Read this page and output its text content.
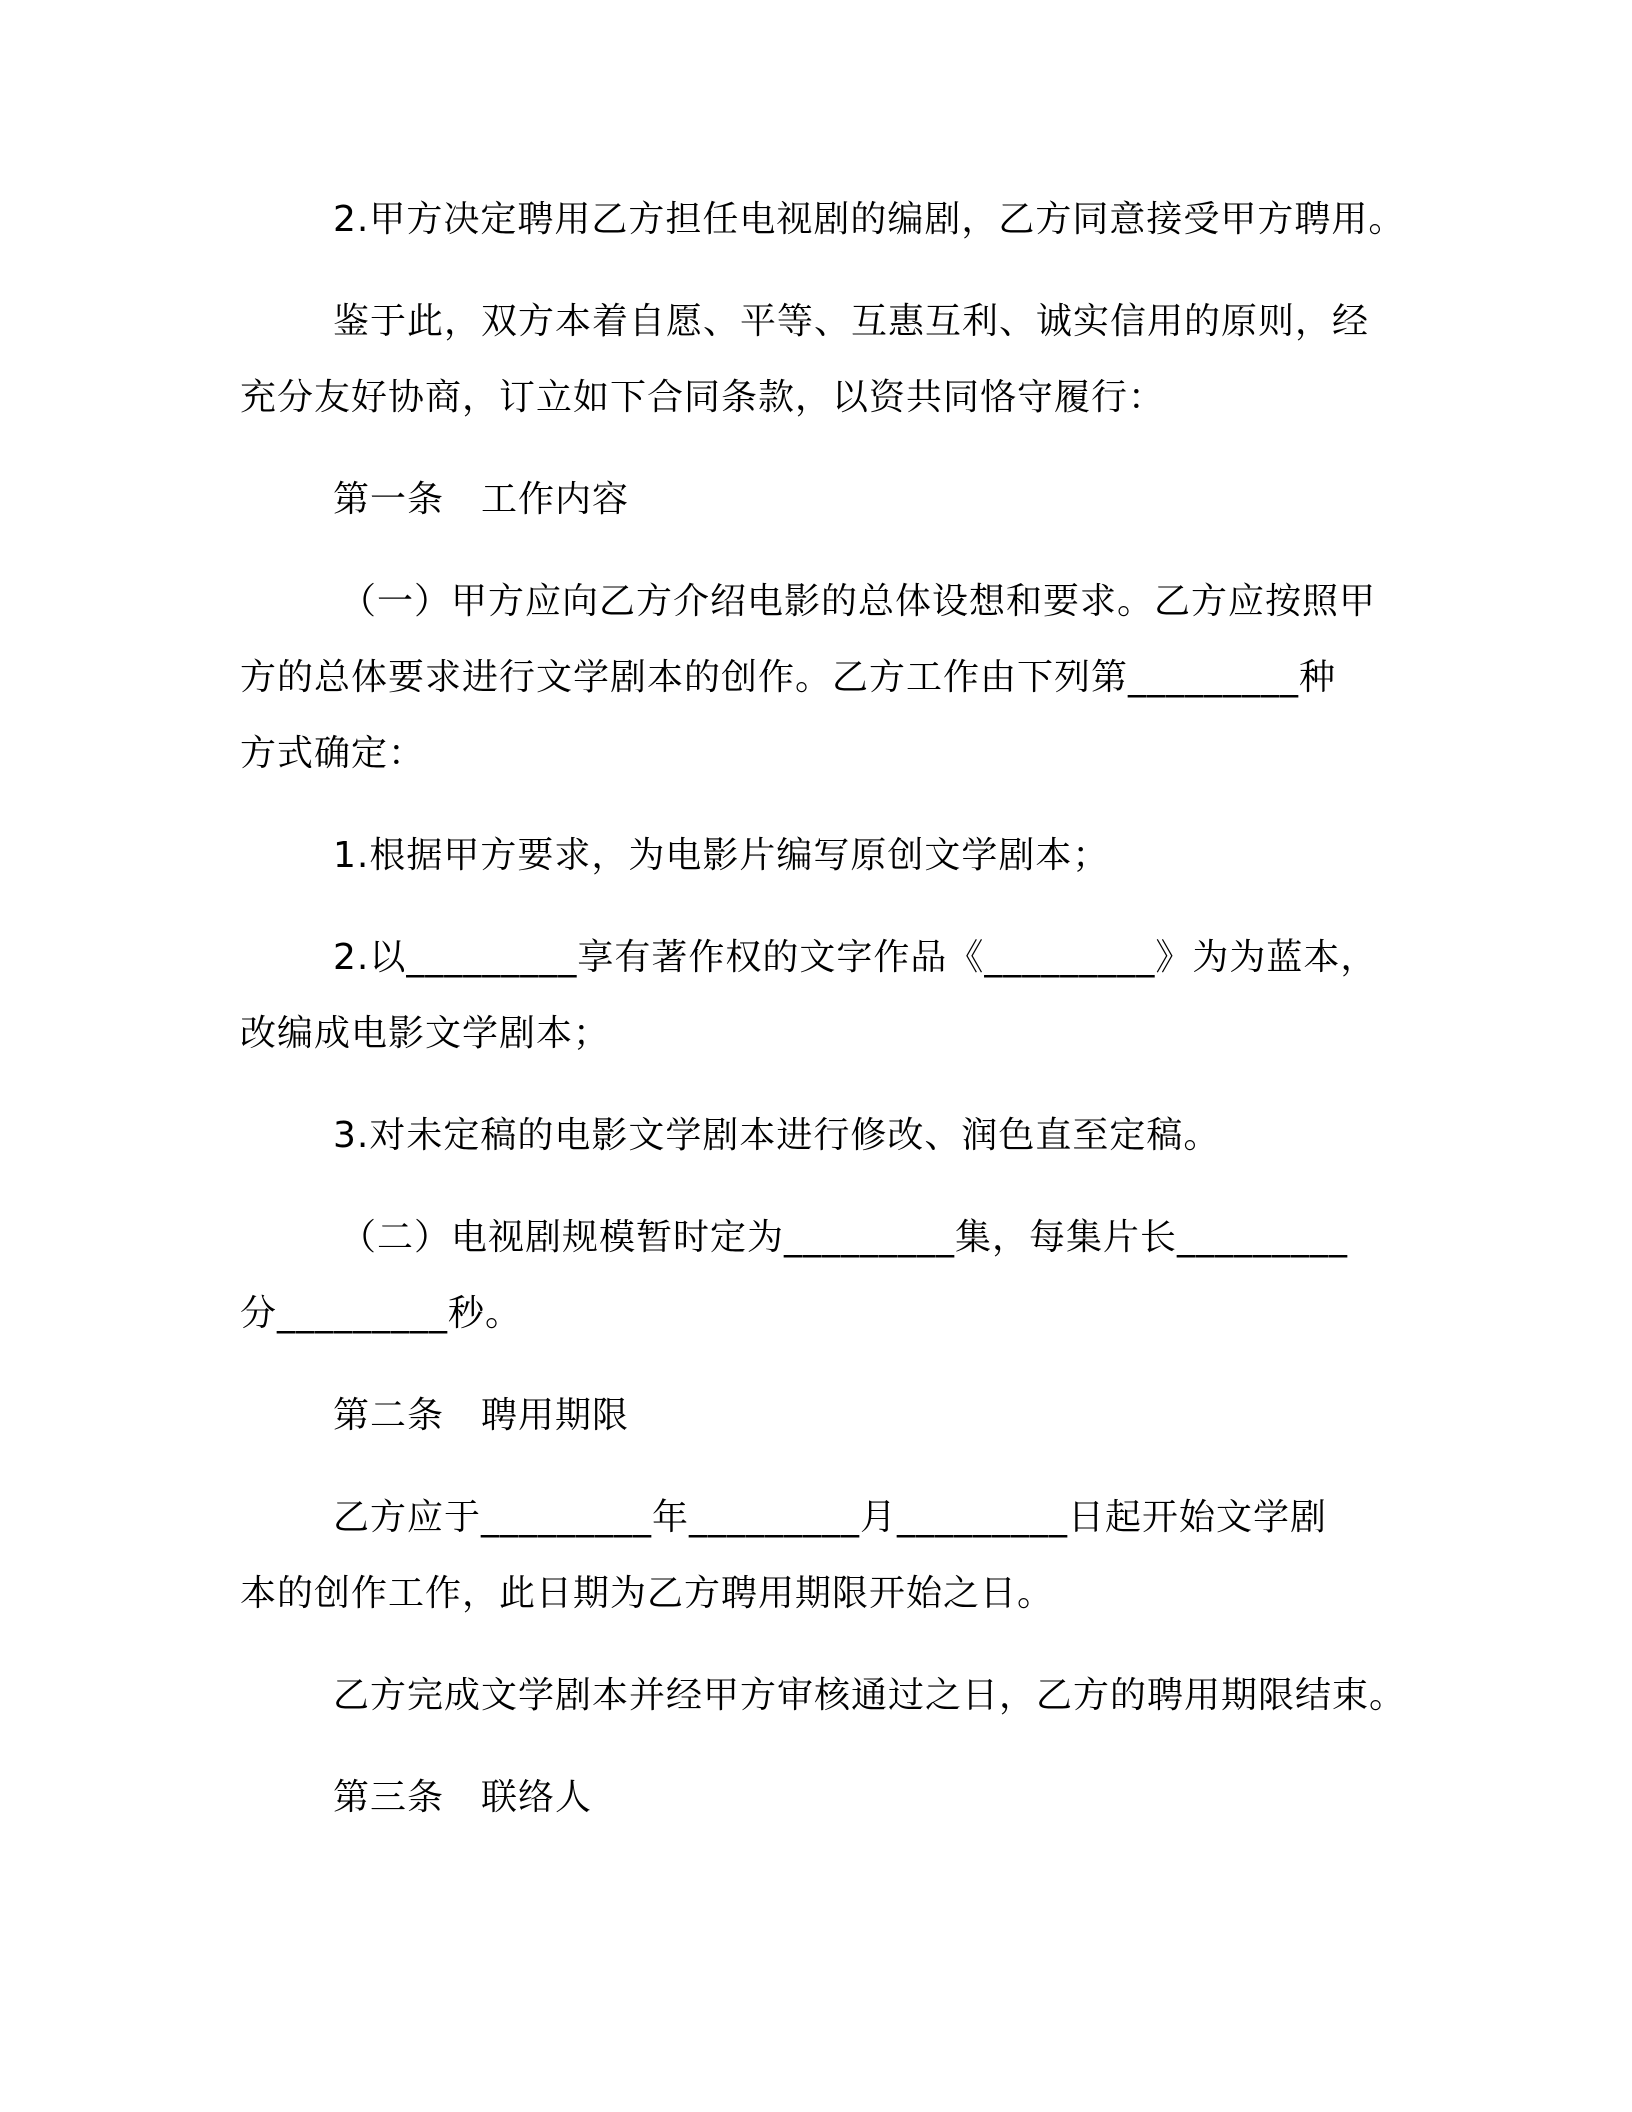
2.甲方决定聘用乙方担任电视剧的编剧，乙方同意接受甲方聘用。
鉴于此，双方本着自愿、平等、互惠互利、诚实信用的原则，经
充分友好协商，订立如下合同条款，以资共同恪守履行：
第一条　工作内容
（一）甲方应向乙方介绍电影的总体设想和要求。乙方应按照甲
方的总体要求进行文学剧本的创作。乙方工作由下列第_________种
方式确定：
1.根据甲方要求，为电影片编写原创文学剧本；
2.以_________享有著作权的文字作品《_________》为为蓝本，
改编成电影文学剧本；
3.对未定稿的电影文学剧本进行修改、润色直至定稿。
（二）电视剧规模暂时定为_________集，每集片长_________
分_________秒。
第二条　聘用期限
乙方应于_________年_________月_________日起开始文学剧
本的创作工作，此日期为乙方聘用期限开始之日。
乙方完成文学剧本并经甲方审核通过之日，乙方的聘用期限结束。
第三条　联络人
